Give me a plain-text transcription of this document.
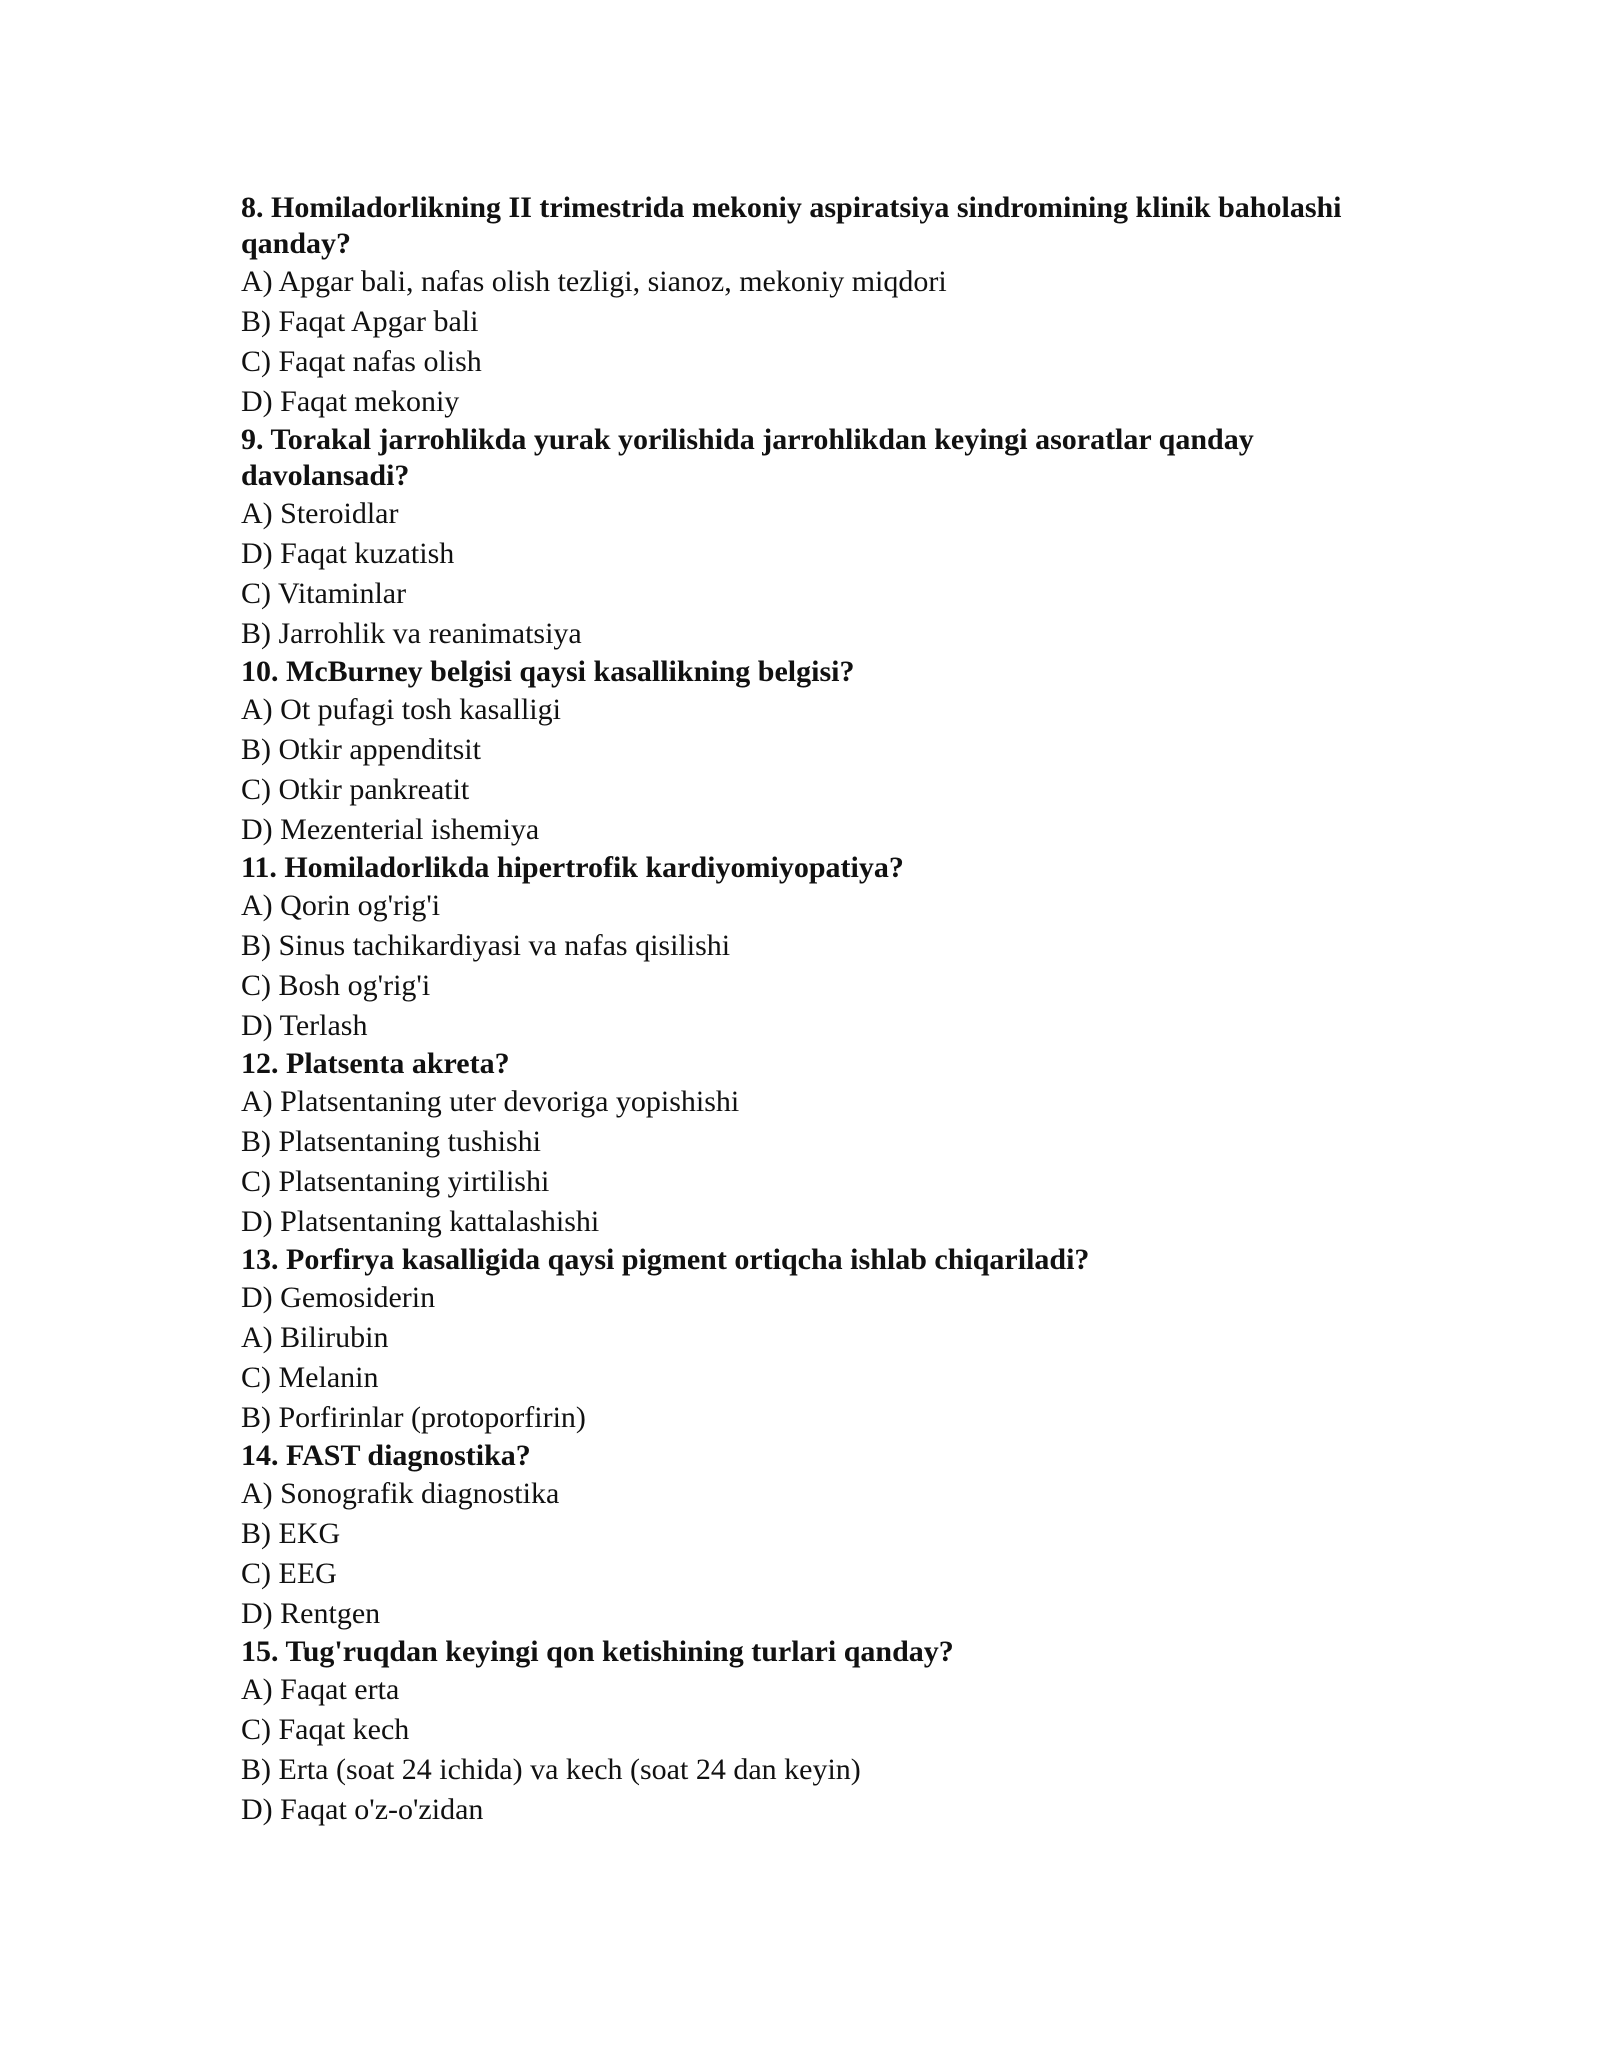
8. Homiladorlikning II trimestrida mekoniy aspiratsiya sindromining klinik baholashi qanday?

A) Apgar bali, nafas olish tezligi, sianoz, mekoniy miqdori

B) Faqat Apgar bali

C) Faqat nafas olish

D) Faqat mekoniy

9. Torakal jarrohlikda yurak yorilishida jarrohlikdan keyingi asoratlar qanday davolansadi?

A) Steroidlar

D) Faqat kuzatish

C) Vitaminlar

B) Jarrohlik va reanimatsiya

10. McBurney belgisi qaysi kasallikning belgisi?

A) Ot pufagi tosh kasalligi

B) Otkir appenditsit

C) Otkir pankreatit

D) Mezenterial ishemiya

11. Homiladorlikda hipertrofik kardiyomiyopatiya?

A) Qorin og'rig'i

B) Sinus tachikardiyasi va nafas qisilishi

C) Bosh og'rig'i

D) Terlash

12. Platsenta akreta?

A) Platsentaning uter devoriga yopishishi

B) Platsentaning tushishi

C) Platsentaning yirtilishi

D) Platsentaning kattalashishi

13. Porfirya kasalligida qaysi pigment ortiqcha ishlab chiqariladi?

D) Gemosiderin

A) Bilirubin

C) Melanin

B) Porfirinlar (protoporfirin)

14. FAST diagnostika?

A) Sonografik diagnostika

B) EKG

C) EEG

D) Rentgen

15. Tug'ruqdan keyingi qon ketishining turlari qanday?

A) Faqat erta

C) Faqat kech

B) Erta (soat 24 ichida) va kech (soat 24 dan keyin)

D) Faqat o'z-o'zidan
